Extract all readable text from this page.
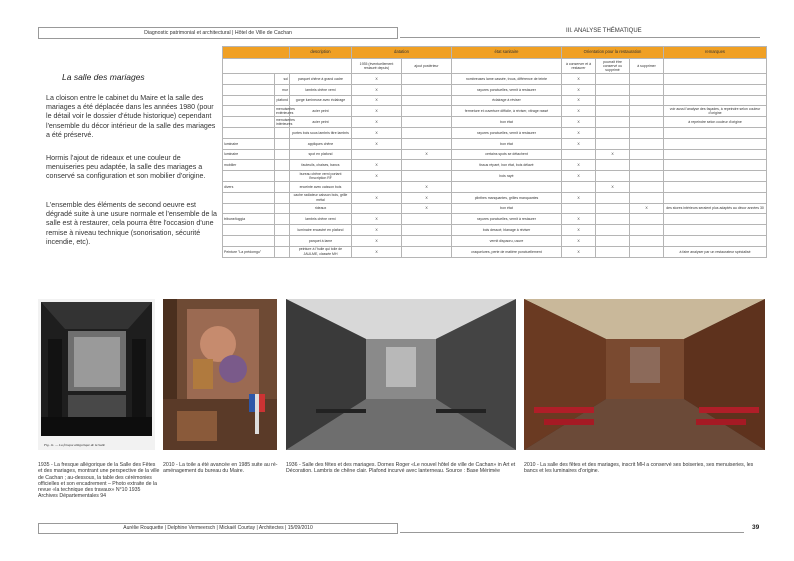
Diagnostic patrimonial et architectural | Hôtel de Ville de Cachan	III. ANALYSE THÉMATIQUE
La salle des mariages

La cloison entre le cabinet du Maire et la salle des mariages a été déplacée dans les années 1980 (pour le détail voir le dossier d'étude historique) cependant l'ensemble du décor intérieur de la salle des mariages a été préservé.

Hormis l'ajout de rideaux et une couleur de menuiseries peu adaptée, la salle des mariages a conservé sa configuration et son mobilier d'origine.

L'ensemble des éléments de second oeuvre est dégradé suite à une usure normale et l'ensemble de la salle est à restaurer, cela pourra être l'occasion d'une remise à niveau technique (sonorisation, sécurité incendie, etc).

		description	datation		état sanitaire	Orientation pour la restauration			remarques
			1935 (éventuellement restauré depuis)	ajout postérieur		à conserver et à restaurer	pourrait être conservé ou supprimé	à supprimer	
	sol	parquet chêne à grand cadre	X		nombreuses lame cassée, trous, différence de teinte	X			
	mur	lambris chêne verni	X		rayures ponctuelles, vernit à restaurer	X			
	plafond	gorge lumineuse avec éclairage	X		éclairage à réviser	X			
	menuiseries extérieures	acier peint	X		fermeture et ouverture difficile, à réviser, vitrage rassé	X			voir aussi l'analyse des façades, à repeindre selon couleur d'origine
	menuiseries intérieures	acier peint	X		bon état	X			à repeindre selon couleur d'origine
		portes bois sous lambris titre lambris	X		rayures ponctuelles, vernit à restaurer	X			
luminaire		appliques chêne	X		bon état	X			
luminaire		spot en plafond		X	certains spots se détachent		X		
mobilier		fauteuils, chaises, bancs	X		tissus réparé, bon état, bois délavé	X			
		bureau chêne verni portant l'inscription RF	X		bois rayé	X			
divers		enceinte avec caisson bois		X			X		
		cache radiateur caisson bois, grille métal	X	X	plinthes manquantes, grilles manquantes	X			
		rideaux		X	bon état			X	des stores intérieurs seraient plus adaptés au décor années 30
tribune/loggia		lambris chêne verni	X		rayures ponctuelles, vernit à restaurer	X			
		luminaire encastré en plafond	X		bois dessoé, blanage à réviser	X			
		parquet à lame	X		vernit dispaoru, usure	X			
Peinture "La prédomgu"		peinture à l'huile qui toile de JAULME, classée MH	X		craquelures, perte de matière ponctuellement	X			à faire analyser par un restaurateur spécialisé
Fig. 11. — La fresque allégorique de la Salle

1935 - La fresque allégorique de la Salle des Fêtes et des mariages, montrant une perspective de la ville de Cachan ; au-dessous, la table des cérémonies officielles et son encadrement – Photo extraite de la revue «la technique des travaux» N°10 1935 Archives Départementales 94

2010 - La toile a été avancée en 1985 suite au ré-aménagement du bureau du Maire.

1936 - Salle des fêtes et des mariages. Dornes Roger «Le nouvel hôtel de ville de Cachan» in Art et Décoration. Lambris de chêne clair. Plafond incurvé avec lanterneau. Source : Base Mérimée

2010 - La salle des fêtes et des mariages, inscrit MH a conservé ses boiseries, ses menuiseries, les bancs et les luminaires d'origine.

Aurélie Rouquette | Delphine Vermeersch | Mickaël Courtay | Architectes | 15/09/2010	39
